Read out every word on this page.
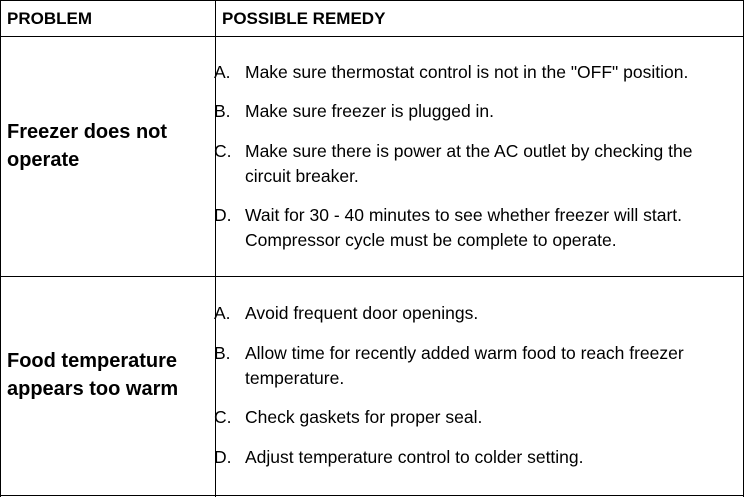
PROBLEM	POSSIBLE REMEDY
Freezer does not
operate
A. Make sure thermostat control is not in the "OFF" position.
B. Make sure freezer is plugged in.
C. Make sure there is power at the AC outlet by checking the circuit breaker.
D. Wait for 30 - 40 minutes to see whether freezer will start. Compressor cycle must be complete to operate.
Food temperature
appears too warm
A. Avoid frequent door openings.
B. Allow time for recently added warm food to reach freezer temperature.
C. Check gaskets for proper seal.
D. Adjust temperature control to colder setting.
